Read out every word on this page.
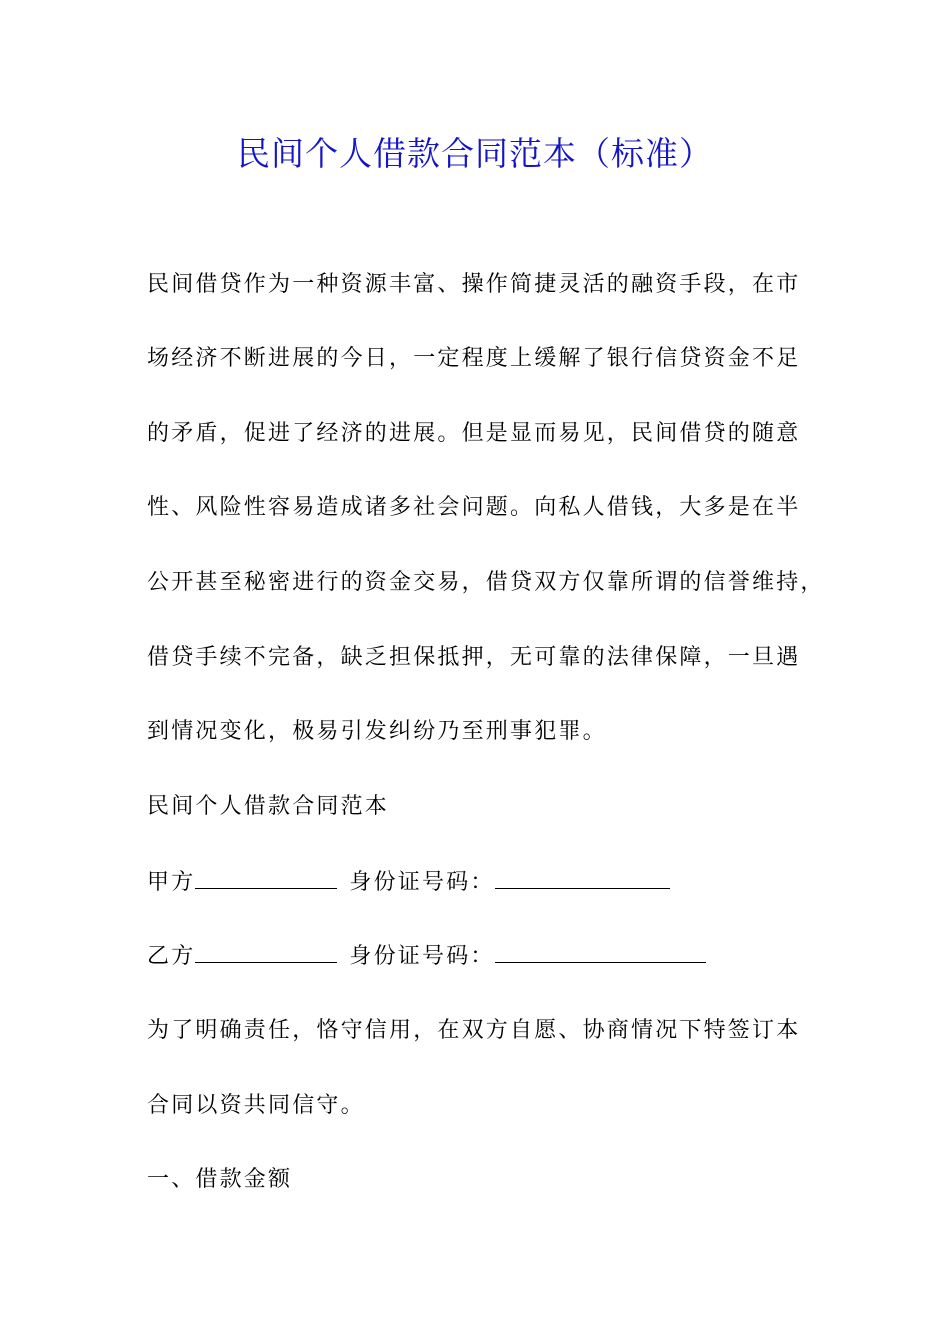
民间个人借款合同范本（标准）
民间借贷作为一种资源丰富、操作简捷灵活的融资手段，在市
场经济不断进展的今日，一定程度上缓解了银行信贷资金不足
的矛盾，促进了经济的进展。但是显而易见，民间借贷的随意
性、风险性容易造成诸多社会问题。向私人借钱，大多是在半
公开甚至秘密进行的资金交易，借贷双方仅靠所谓的信誉维持，
借贷手续不完备，缺乏担保抵押，无可靠的法律保障，一旦遇
到情况变化，极易引发纠纷乃至刑事犯罪。
民间个人借款合同范本
甲方	身份证号码：
乙方	身份证号码：
为了明确责任，恪守信用，在双方自愿、协商情况下特签订本
合同以资共同信守。
一、借款金额
